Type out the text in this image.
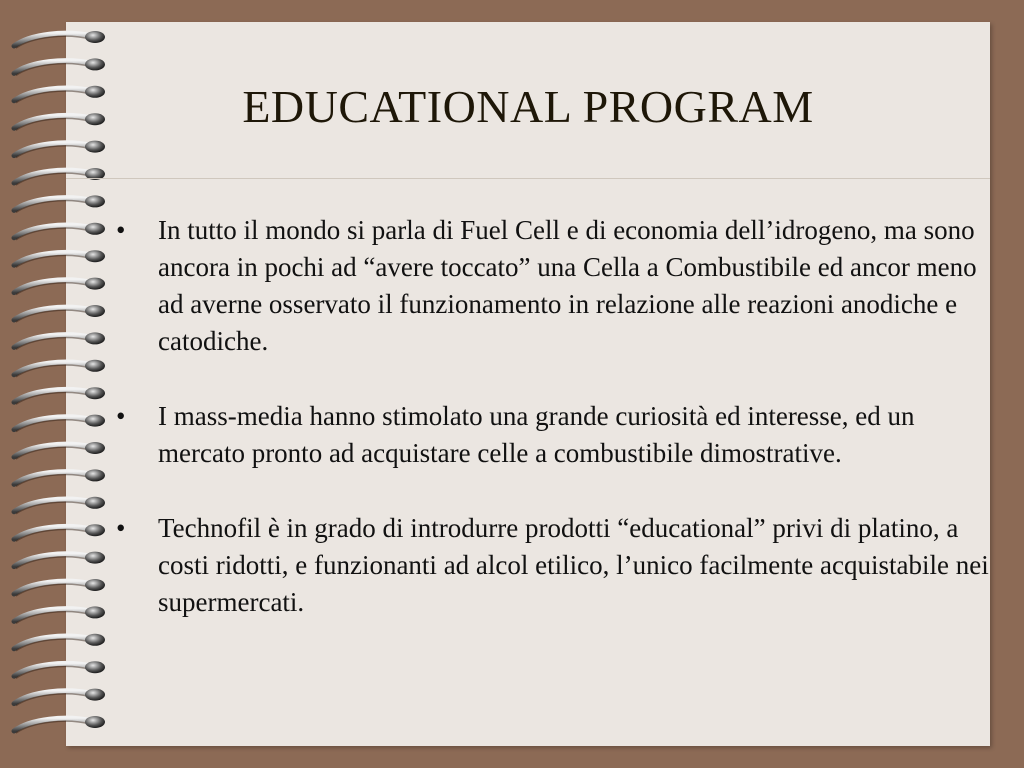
EDUCATIONAL PROGRAM
• In tutto il mondo si parla di Fuel Cell e di economia dell’idrogeno, ma sono ancora in pochi ad “avere toccato” una Cella a Combustibile ed ancor meno ad averne osservato il funzionamento in relazione alle reazioni anodiche e catodiche.
• I mass-media hanno stimolato una grande curiosità ed interesse, ed un mercato pronto ad acquistare celle a combustibile dimostrative.
• Technofil è in grado di introdurre prodotti “educational” privi di platino, a costi ridotti, e funzionanti ad alcol etilico, l’unico facilmente acquistabile nei supermercati.
